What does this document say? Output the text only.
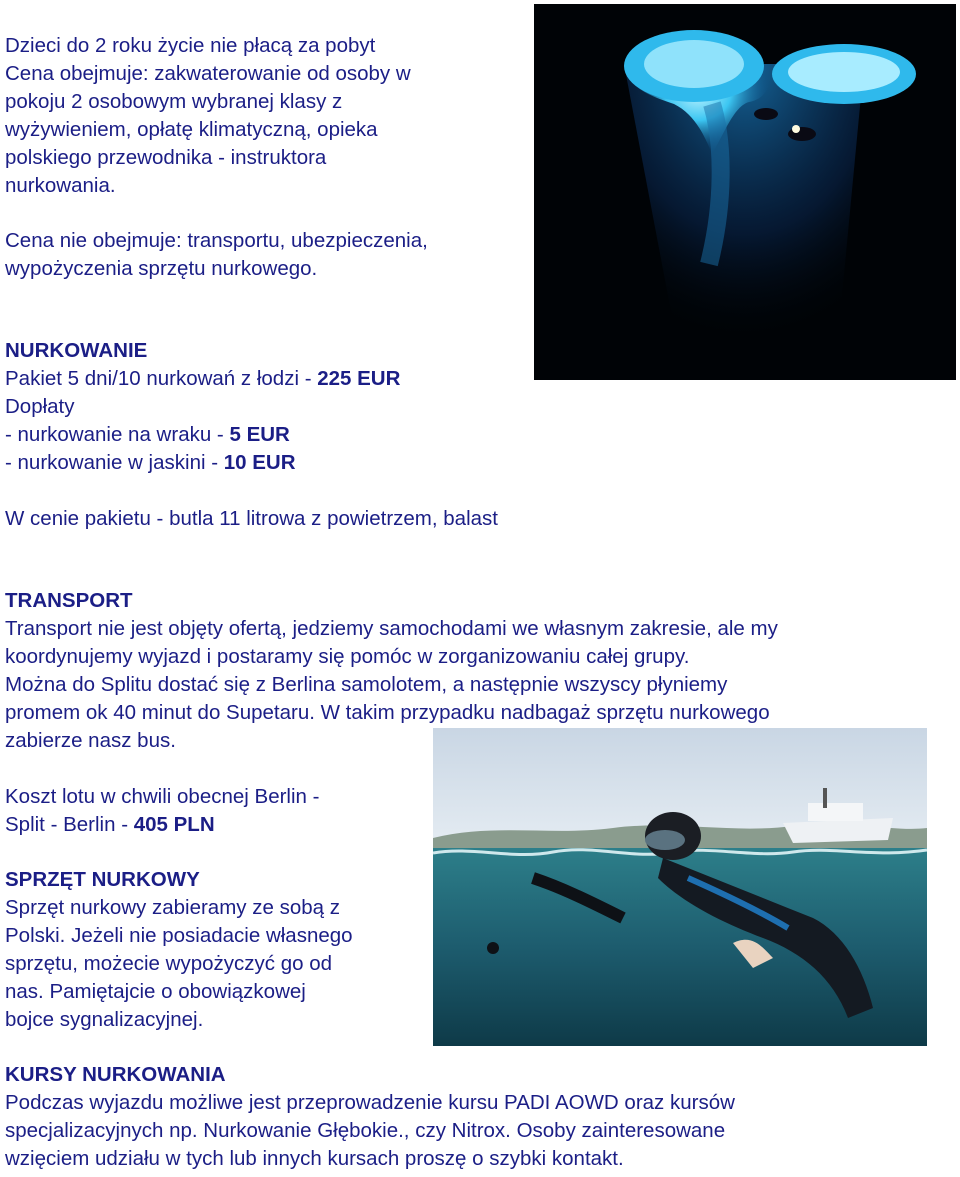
Dzieci do 2 roku życie nie płacą za pobyt

Cena obejmuje: zakwaterowanie od osoby w

pokoju 2 osobowym wybranej klasy z

wyżywieniem, opłatę klimatyczną, opieka

polskiego przewodnika - instruktora

nurkowania.

Cena nie obejmuje: transportu, ubezpieczenia,

wypożyczenia sprzętu nurkowego.

NURKOWANIE

Pakiet 5 dni/10 nurkowań z łodzi - 225 EUR

Dopłaty

- nurkowanie na wraku - 5 EUR

- nurkowanie w jaskini - 10 EUR

W cenie pakietu - butla 11 litrowa z powietrzem, balast

TRANSPORT

Transport nie jest objęty ofertą, jedziemy samochodami we własnym zakresie, ale my

koordynujemy wyjazd i postaramy się pomóc w zorganizowaniu całej grupy.

Można do Splitu dostać się z Berlina samolotem, a następnie wszyscy płyniemy

promem ok 40 minut do Supetaru. W takim przypadku nadbagaż sprzętu nurkowego

zabierze nasz bus.

Koszt lotu w chwili obecnej Berlin -

Split - Berlin - 405 PLN

SPRZĘT NURKOWY

Sprzęt nurkowy zabieramy ze sobą z

Polski. Jeżeli nie posiadacie własnego

sprzętu, możecie wypożyczyć go od

nas. Pamiętajcie o obowiązkowej

bojce sygnalizacyjnej.

KURSY NURKOWANIA

Podczas wyjazdu możliwe jest przeprowadzenie kursu PADI AOWD oraz kursów

specjalizacyjnych np. Nurkowanie Głębokie., czy Nitrox. Osoby zainteresowane

wzięciem udziału w tych lub innych kursach proszę o szybki kontakt.
